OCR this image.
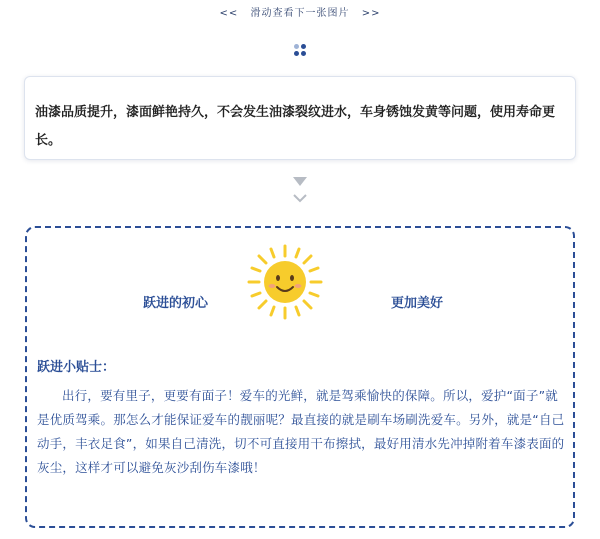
<< 滑动查看下一张图片 >>

油漆品质提升，漆面鲜艳持久，不会发生油漆裂纹进水，车身锈蚀发黄等问题，使用寿命更长。

跃进的初心	更加美好
跃进小贴士：

出行，要有里子，更要有面子！爱车的光鲜，就是驾乘愉快的保障。所以，爱护“面子”就是优质驾乘。那怎么才能保证爱车的靓丽呢？最直接的就是刷车场刷洗爱车。另外，就是“自己动手，丰衣足食”，如果自己清洗，切不可直接用干布擦拭，最好用清水先冲掉附着车漆表面的灰尘，这样才可以避免灰沙刮伤车漆哦！
